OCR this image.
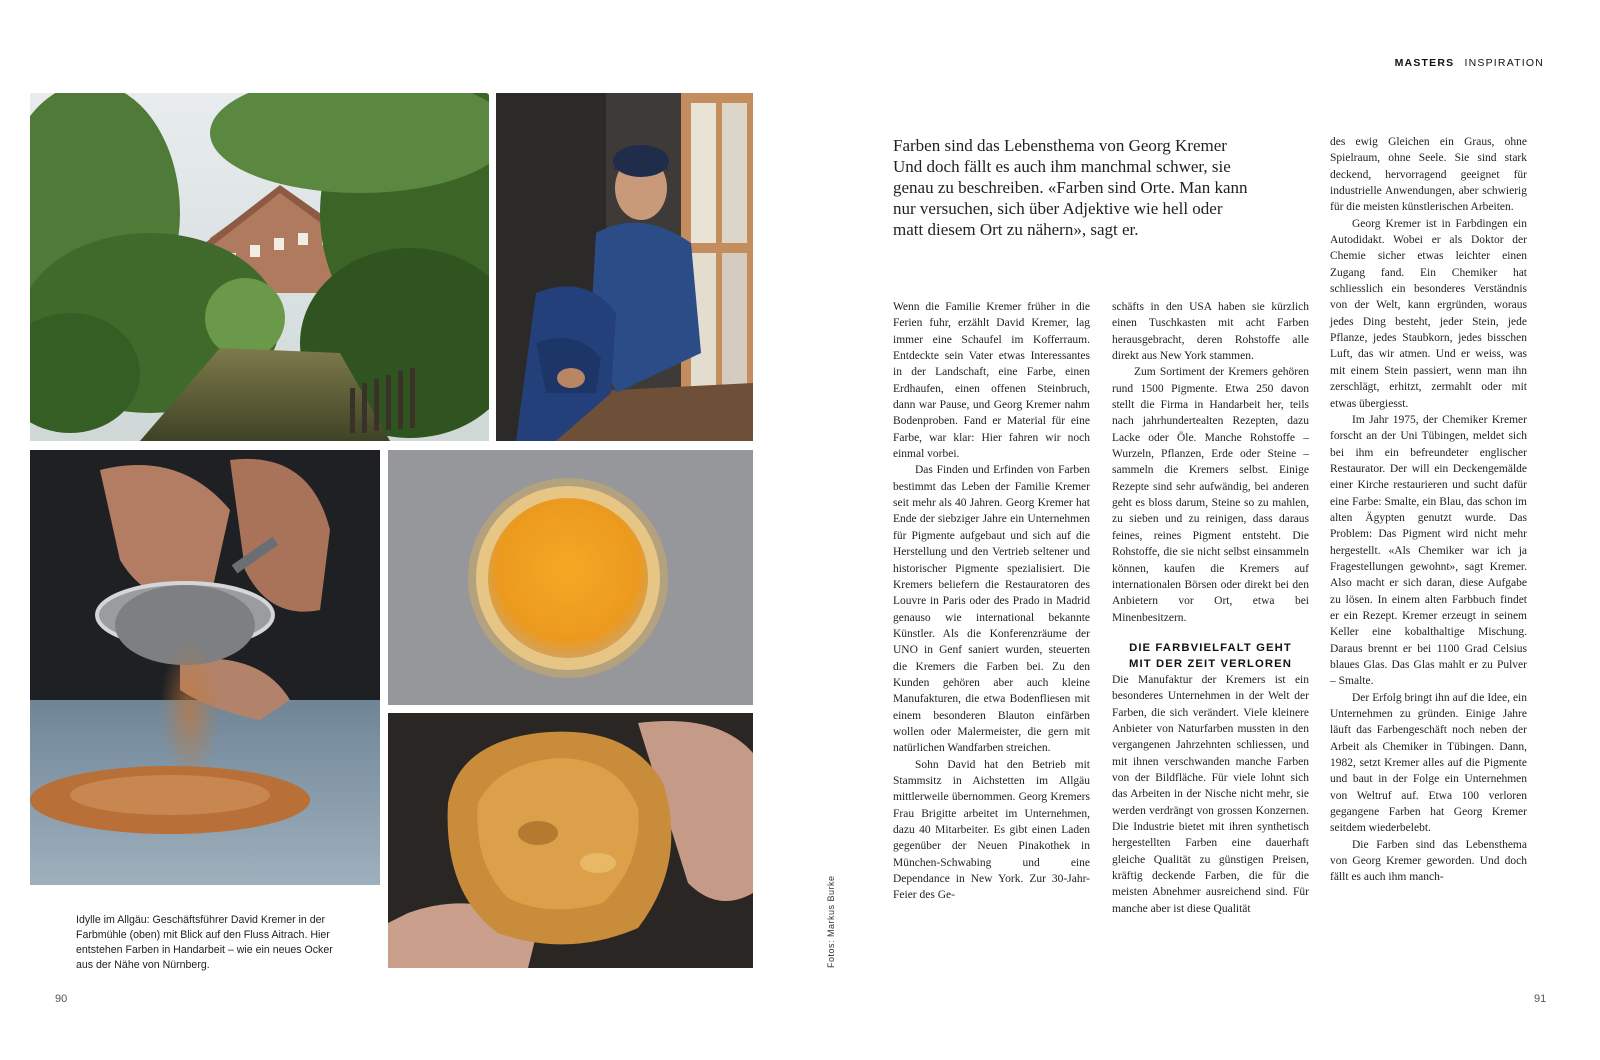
Idylle im Allgäu: Geschäftsführer David Kremer in der Farbmühle (oben) mit Blick auf den Fluss Aitrach. Hier entstehen Farben in Handarbeit – wie ein neues Ocker aus der Nähe von Nürnberg.	Fotos: Markus Burke
90
MASTERS INSPIRATION
Farben sind das Lebensthema von Georg Kremer Und doch fällt es auch ihm manchmal schwer, sie genau zu beschreiben. «Farben sind Orte. Man kann nur versuchen, sich über Adjektive wie hell oder matt diesem Ort zu nähern», sagt er.

Wenn die Familie Kremer früher in die Ferien fuhr, erzählt David Kremer, lag immer eine Schaufel im Kofferraum. Entdeckte sein Vater etwas Interessantes in der Landschaft, eine Farbe, einen Erdhaufen, einen offenen Steinbruch, dann war Pause, und Georg Kremer nahm Bodenproben. Fand er Material für eine Farbe, war klar: Hier fahren wir noch einmal vorbei.

Das Finden und Erfinden von Farben bestimmt das Leben der Familie Kremer seit mehr als 40 Jahren. Georg Kremer hat Ende der siebziger Jahre ein Unternehmen für Pigmente aufgebaut und sich auf die Herstellung und den Vertrieb seltener und historischer Pigmente spezialisiert. Die Kremers beliefern die Restauratoren des Louvre in Paris oder des Prado in Madrid genauso wie international bekannte Künstler. Als die Konferenzräume der UNO in Genf saniert wurden, steuerten die Kremers die Farben bei. Zu den Kunden gehören aber auch kleine Manufakturen, die etwa Bodenfliesen mit einem besonderen Blauton einfärben wollen oder Malermeister, die gern mit natürlichen Wandfarben streichen.

Sohn David hat den Betrieb mit Stammsitz in Aichstetten im Allgäu mittlerweile übernommen. Georg Kremers Frau Brigitte arbeitet im Unternehmen, dazu 40 Mitarbeiter. Es gibt einen Laden gegenüber der Neuen Pinakothek in München-Schwabing und eine Dependance in New York. Zur 30-Jahr-Feier des Ge-

schäfts in den USA haben sie kürzlich einen Tuschkasten mit acht Farben herausgebracht, deren Rohstoffe alle direkt aus New York stammen.

Zum Sortiment der Kremers gehören rund 1500 Pigmente. Etwa 250 davon stellt die Firma in Handarbeit her, teils nach jahrhundertealten Rezepten, dazu Lacke oder Öle. Manche Rohstoffe – Wurzeln, Pflanzen, Erde oder Steine – sammeln die Kremers selbst. Einige Rezepte sind sehr aufwändig, bei anderen geht es bloss darum, Steine so zu mahlen, zu sieben und zu reinigen, dass daraus feines, reines Pigment entsteht. Die Rohstoffe, die sie nicht selbst einsammeln können, kaufen die Kremers auf internationalen Börsen oder direkt bei den Anbietern vor Ort, etwa bei Minenbesitzern.

DIE FARBVIELFALT GEHT
MIT DER ZEIT VERLOREN

Die Manufaktur der Kremers ist ein besonderes Unternehmen in der Welt der Farben, die sich verändert. Viele kleinere Anbieter von Naturfarben mussten in den vergangenen Jahrzehnten schliessen, und mit ihnen verschwanden manche Farben von der Bildfläche. Für viele lohnt sich das Arbeiten in der Nische nicht mehr, sie werden verdrängt von grossen Konzernen. Die Industrie bietet mit ihren synthetisch hergestellten Farben eine dauerhaft gleiche Qualität zu günstigen Preisen, kräftig deckende Farben, die für die meisten Abnehmer ausreichend sind. Für manche aber ist diese Qualität

des ewig Gleichen ein Graus, ohne Spielraum, ohne Seele. Sie sind stark deckend, hervorragend geeignet für industrielle Anwendungen, aber schwierig für die meisten künstlerischen Arbeiten.

Georg Kremer ist in Farbdingen ein Autodidakt. Wobei er als Doktor der Chemie sicher etwas leichter einen Zugang fand. Ein Chemiker hat schliesslich ein besonderes Verständnis von der Welt, kann ergründen, woraus jedes Ding besteht, jeder Stein, jede Pflanze, jedes Staubkorn, jedes bisschen Luft, das wir atmen. Und er weiss, was mit einem Stein passiert, wenn man ihn zerschlägt, erhitzt, zermahlt oder mit etwas übergiesst.

Im Jahr 1975, der Chemiker Kremer forscht an der Uni Tübingen, meldet sich bei ihm ein befreundeter englischer Restaurator. Der will ein Deckengemälde einer Kirche restaurieren und sucht dafür eine Farbe: Smalte, ein Blau, das schon im alten Ägypten genutzt wurde. Das Problem: Das Pigment wird nicht mehr hergestellt. «Als Chemiker war ich ja Fragestellungen gewohnt», sagt Kremer. Also macht er sich daran, diese Aufgabe zu lösen. In einem alten Farbbuch findet er ein Rezept. Kremer erzeugt in seinem Keller eine kobalthaltige Mischung. Daraus brennt er bei 1100 Grad Celsius blaues Glas. Das Glas mahlt er zu Pulver – Smalte.

Der Erfolg bringt ihn auf die Idee, ein Unternehmen zu gründen. Einige Jahre läuft das Farbengeschäft noch neben der Arbeit als Chemiker in Tübingen. Dann, 1982, setzt Kremer alles auf die Pigmente und baut in der Folge ein Unternehmen von Weltruf auf. Etwa 100 verloren gegangene Farben hat Georg Kremer seitdem wiederbelebt.

Die Farben sind das Lebensthema von Georg Kremer geworden. Und doch fällt es auch ihm manch-

91
